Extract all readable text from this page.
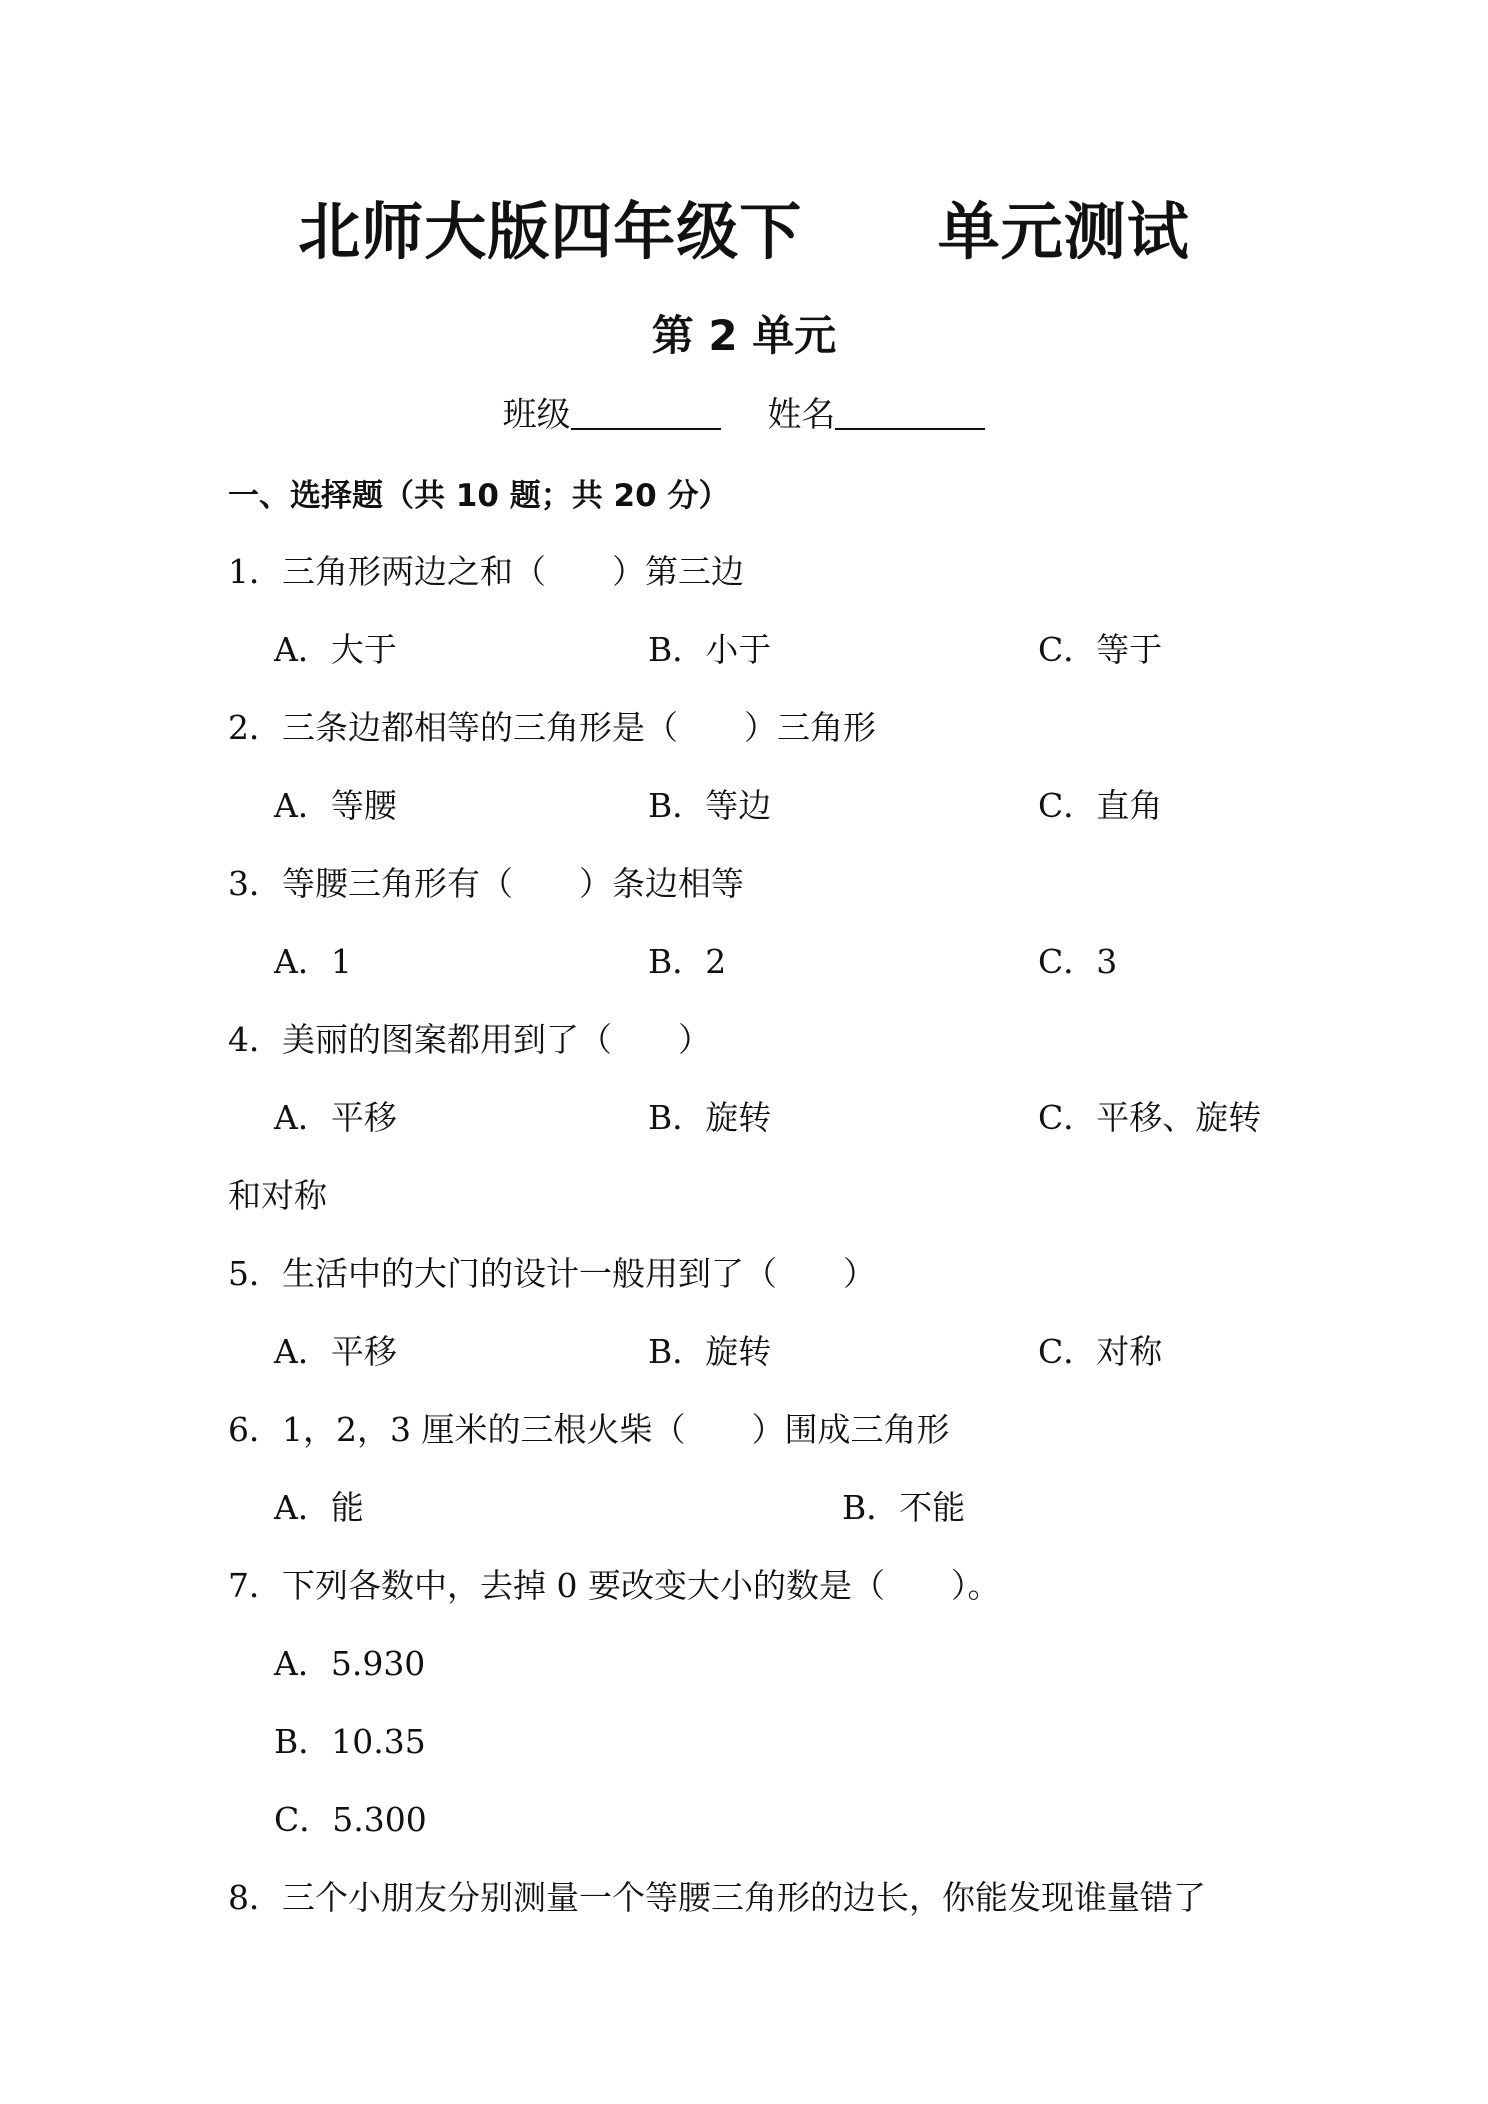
北师大版四年级下      单元测试
第 2 单元
班级	姓名
一、选择题（共 10 题；共 20 分）
1．三角形两边之和（　　）第三边
A．大于	B．小于	C．等于
2．三条边都相等的三角形是（　　）三角形
A．等腰	B．等边	C．直角
3．等腰三角形有（　　）条边相等
A．1	B．2	C．3
4．美丽的图案都用到了（　　）
A．平移	B．旋转	C．平移、旋转
和对称
5．生活中的大门的设计一般用到了（　　）
A．平移	B．旋转	C．对称
6．1，2，3 厘米的三根火柴（　　）围成三角形
A．能	B．不能
7．下列各数中，去掉 0 要改变大小的数是（　　）。
A．5.930
B．10.35
C．5.300
8．三个小朋友分别测量一个等腰三角形的边长，你能发现谁量错了
